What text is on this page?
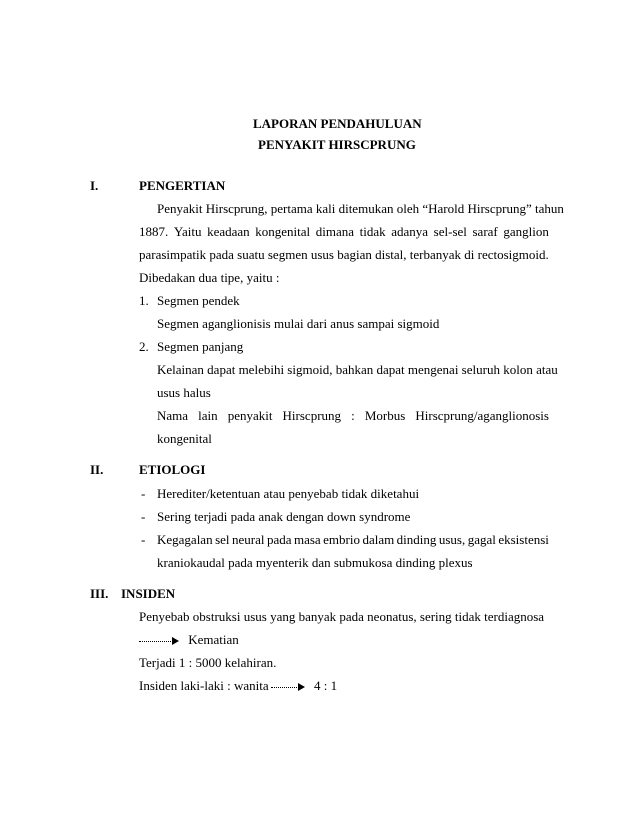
LAPORAN PENDAHULUAN
PENYAKIT HIRSCPRUNG
I.	PENGERTIAN
Penyakit Hirscprung, pertama kali ditemukan oleh “Harold Hirscprung” tahun
1887. Yaitu keadaan kongenital dimana tidak adanya sel-sel saraf ganglion
parasimpatik pada suatu segmen usus bagian distal, terbanyak di rectosigmoid.
Dibedakan dua tipe, yaitu :
1. Segmen pendek
Segmen aganglionisis mulai dari anus sampai sigmoid
2. Segmen panjang
Kelainan dapat melebihi sigmoid, bahkan dapat mengenai seluruh kolon atau
usus halus
Nama lain penyakit Hirscprung : Morbus Hirscprung/aganglionosis
kongenital
II.	ETIOLOGI
- Herediter/ketentuan atau penyebab tidak diketahui
- Sering terjadi pada anak dengan down syndrome
- Kegagalan sel neural pada masa embrio dalam dinding usus, gagal eksistensi
kraniokaudal pada myenterik dan submukosa dinding plexus
III. INSIDEN
Penyebab obstruksi usus yang banyak pada neonatus, sering tidak terdiagnosa
Kematian
Terjadi 1 : 5000 kelahiran.
Insiden laki-laki : wanita	4 : 1
